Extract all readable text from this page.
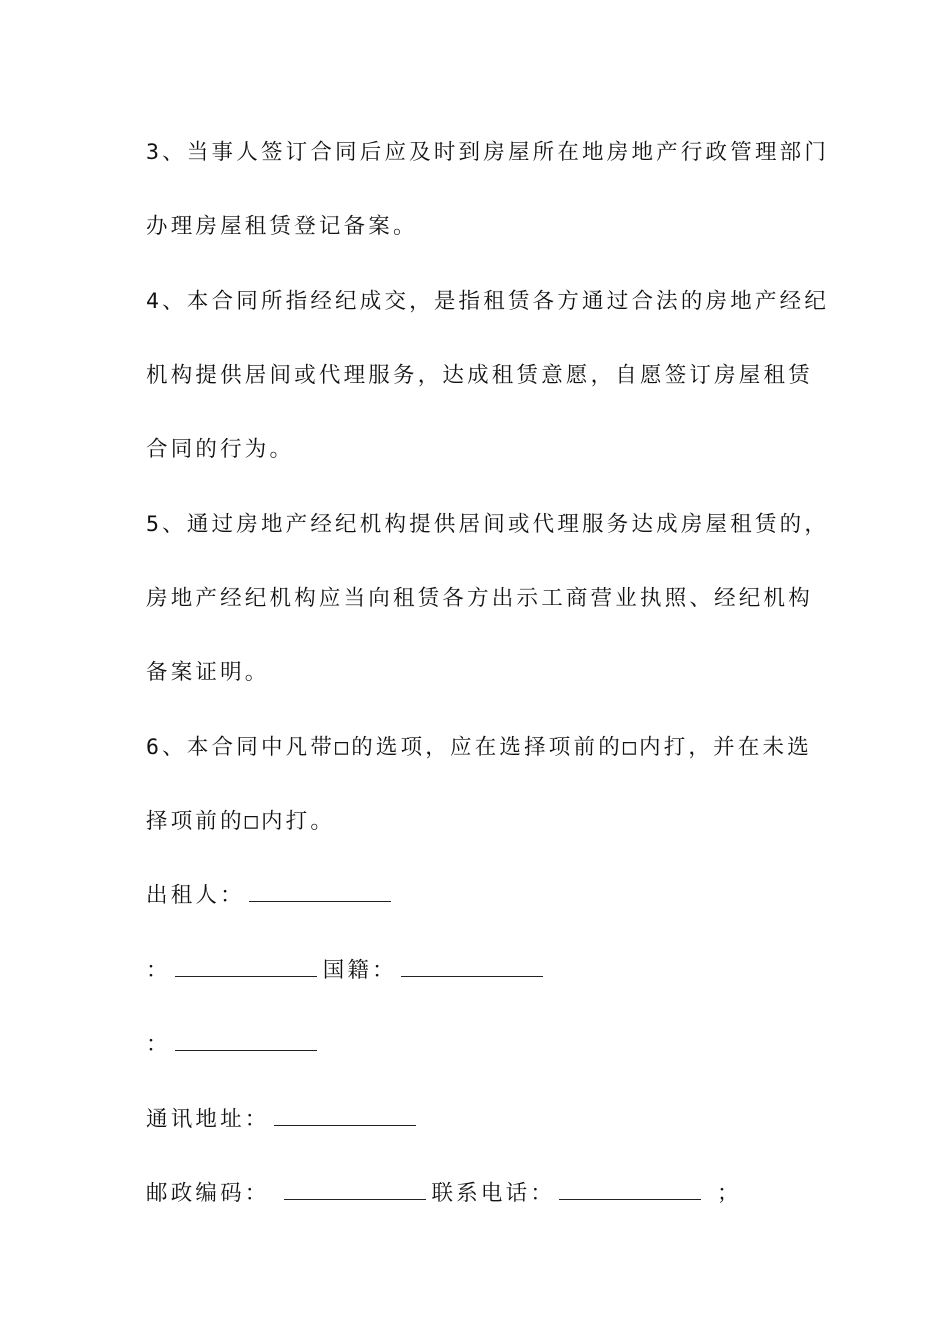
3、当事人签订合同后应及时到房屋所在地房地产行政管理部门
办理房屋租赁登记备案。
4、本合同所指经纪成交，是指租赁各方通过合法的房地产经纪
机构提供居间或代理服务，达成租赁意愿，自愿签订房屋租赁
合同的行为。
5、通过房地产经纪机构提供居间或代理服务达成房屋租赁的，
房地产经纪机构应当向租赁各方出示工商营业执照、经纪机构
备案证明。
6、本合同中凡带□的选项，应在选择项前的□内打，并在未选
择项前的□内打。
出租人：
：	国籍：
：
通讯地址：
邮政编码：	联系电话：	；
